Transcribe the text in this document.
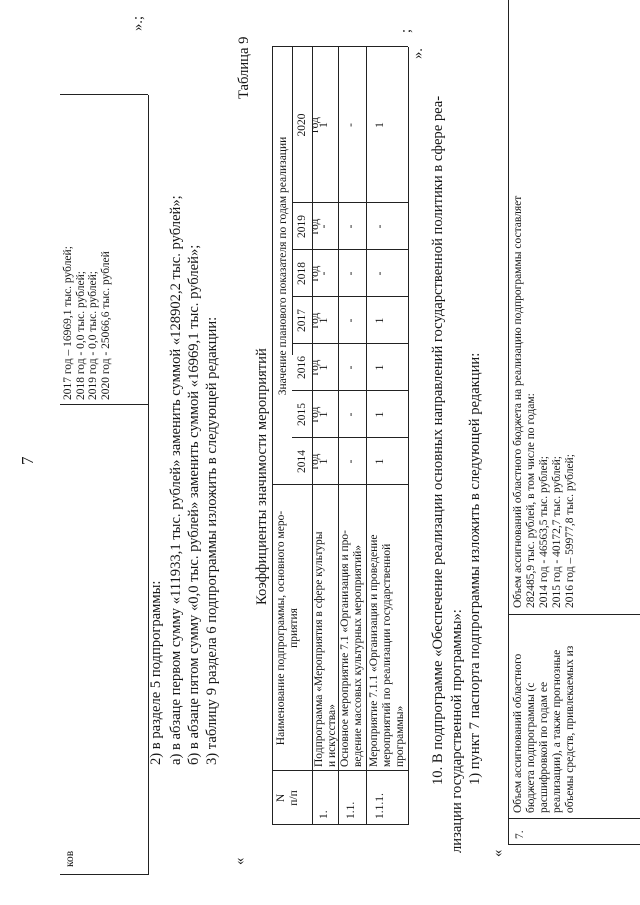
7
ков
2017 год – 16969,1 тыс. рублей; 2018 год - 0,0 тыс. рублей; 2019 год - 0,0 тыс. рублей; 2020 год - 25066,6 тыс. рублей
».;
2) в разделе 5 подпрограммы: а) в абзаце первом сумму «111933,1 тыс. рублей» заменить суммой «128902,2 тыс. рублей»; б) в абзаце пятом сумму «0,0 тыс. рублей» заменить суммой «16969,1 тыс. рублей»; 3) таблицу 9 раздела 6 подпрограммы изложить в следующей редакции:
«
Таблица 9
Коэффициенты значимости мероприятий
N п/п
Наименование подпрограммы, основного меро- приятия
Значение планового показателя по годам реализации
2014 год
2015 год
2016 год
2017 год
2018 год
2019 год
2020 год
1.
Подпрограмма «Мероприятия в сфере культуры и искусства»
1
1
1
1
-
-
1
1.1.
Основное мероприятие 7.1 «Организация и про- ведение массовых культурных мероприятий»
-
-
-
-
-
-
-
1.1.1.
Мероприятие 7.1.1 «Организация и проведение мероприятий по реализации государственной программы»
1
1
1
1
-
-
1
».
;
10. В подпрограмме «Обеспечение реализации основных направлений государственной политики в сфере реа- лизации государственной программы»: 1) пункт 7 паспорта подпрограммы изложить в следующей редакции:
«
7.
Объем ассигнований областного бюджета подпрограммы (с расшифровкой по годам ее реализации), а также прогнозные объемы средств, привлекаемых из
Объем ассигнований областного бюджета на реализацию подпрограммы составляет 282485,9 тыс. рублей, в том числе по годам: 2014 год - 46563,5 тыс. рублей; 2015 год - 40172,7 тыс. рублей; 2016 год – 59977,8 тыс. рублей;
